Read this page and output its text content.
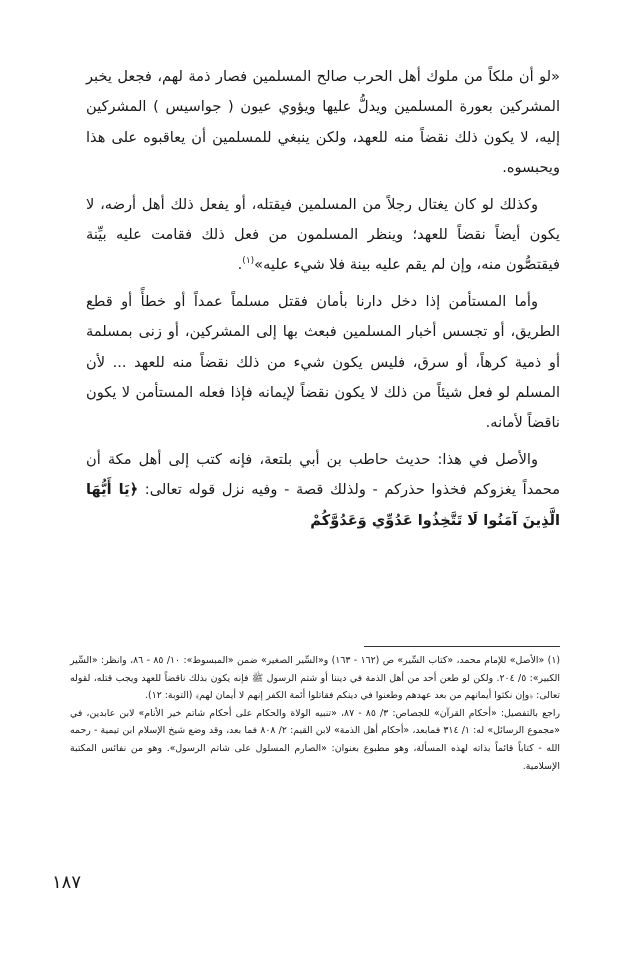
«لو أن ملكاً من ملوك أهل الحرب صالح المسلمين فصار ذمة لهم، فجعل يخبر المشركين بعورة المسلمين ويدلُّ عليها ويؤوي عيون ( جواسيس ) المشركين إليه، لا يكون ذلك نقضاً منه للعهد، ولكن ينبغي للمسلمين أن يعاقبوه على هذا ويحبسوه.

وكذلك لو كان يغتال رجلاً من المسلمين فيقتله، أو يفعل ذلك أهل أرضه، لا يكون أيضاً نقضاً للعهد؛ وينظر المسلمون من فعل ذلك فقامت عليه بيِّنة فيقتصُّون منه، وإن لم يقم عليه بينة فلا شيء عليه»$^{(١)}$.

وأما المستأمن إذا دخل دارنا بأمان فقتل مسلماً عمداً أو خطأً أو قطع الطريق، أو تجسس أخبار المسلمين فبعث بها إلى المشركين، أو زنى بمسلمة أو ذمية كرهاً، أو سرق، فليس يكون شيء من ذلك نقضاً منه للعهد ... لأن المسلم لو فعل شيئاً من ذلك لا يكون نقضاً لإيمانه فإذا فعله المستأمن لا يكون ناقضاً لأمانه.

والأصل في هذا: حديث حاطب بن أبي بلتعة، فإنه كتب إلى أهل مكة أن محمداً يغزوكم فخذوا حذركم - ولذلك قصة - وفيه نزل قوله تعالى: ﴿يَا أَيُّهَا الَّذِينَ آمَنُوا لَا تَتَّخِذُوا عَدُوِّي وَعَدُوَّكُمْ

(١) «الأصل» للإمام محمد، «كتاب السِّير» ص (١٦٢ - ١٦٣) و«السِّير الصغير» ضمن «المبسوط»: ١٠/ ٨٥ - ٨٦، وانظر: «السِّير الكبير»: ٥/ ٢٠٤. ولكن لو طعن أحد من أهل الذمة في ديننا أو شتم الرسول ﷺ فإنه يكون بذلك ناقضاً للعهد ويجب قتله، لقوله تعالى: ﴿وإن نكثوا أيمانهم من بعد عهدهم وطعنوا في دينكم فقاتلوا أئمة الكفر إنهم لا أيمان لهم﴾ (التوبة: ١٢).

راجع بالتفصيل: «أحكام القرآن» للجصاص: ٣/ ٨٥ - ٨٧، «تنبيه الولاة والحكام على أحكام شاتم خير الأنام» لابن عابدين، في «مجموع الرسائل» له: ١/ ٣١٤ فمابعد، «أحكام أهل الذمة» لابن القيم: ٢/ ٨٠٨ فما بعد، وقد وضع شيخ الإسلام ابن تيمية - رحمه الله - كتاباً قائماً بذاته لهذه المسألة، وهو مطبوع بعنوان: «الصارم المسلول على شاتم الرسول». وهو من نفائس المكتبة الإسلامية.

١٨٧
